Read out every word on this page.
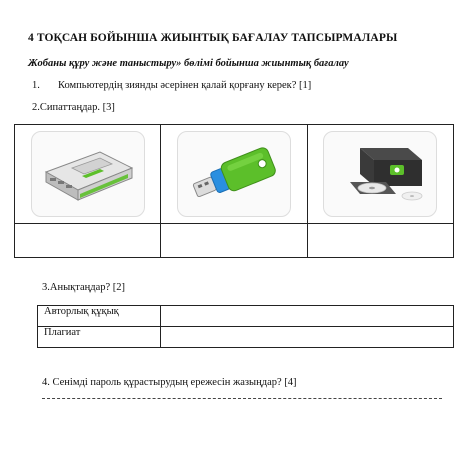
4 ТОҚСАН БОЙЫНША ЖИЫНТЫҚ БАҒАЛАУ ТАПСЫРМАЛАРЫ
Жобаны құру және таныстыру» бөлімі бойынша жиынтық бағалау
1. Компьютердің зиянды әсерінен қалай қорғану керек? [1]
2.Сипаттаңдар. [3]

3.Анықтаңдар? [2]
Авторлық құқық	
Плагиат	
4. Сенімді пароль құрастырудың ережесін жазыңдар? [4]
